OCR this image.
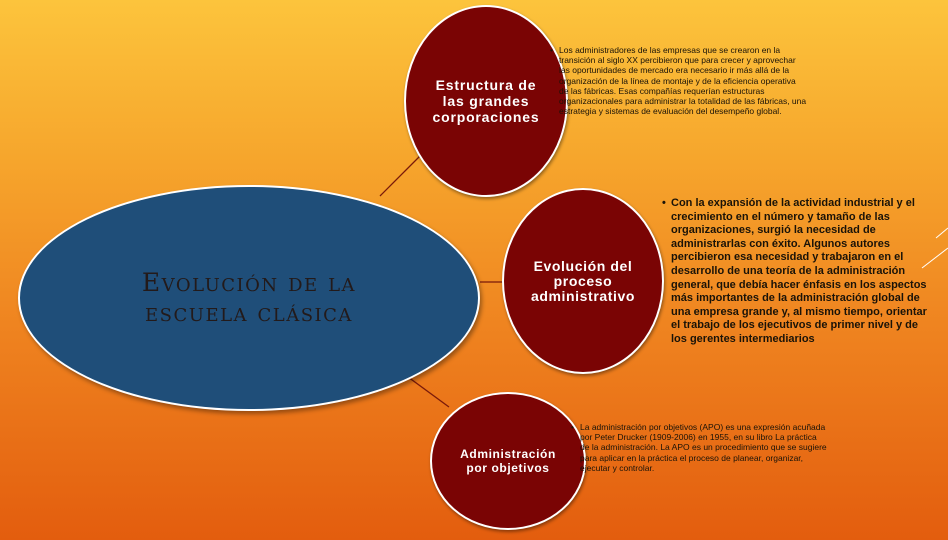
Evolución de la
escuela clásica
Estructura de
las grandes
corporaciones
Evolución del
proceso
administrativo
Administración
por objetivos

• Los administradores de las empresas que se crearon en la transición al siglo XX percibieron que para crecer y aprovechar las oportunidades de mercado era necesario ir más allá de la organización de la línea de montaje y de la eficiencia operativa de las fábricas. Esas compañías requerían estructuras organizacionales para administrar la totalidad de las fábricas, una estrategia y sistemas de evaluación del desempeño global.

• Con la expansión de la actividad industrial y el crecimiento en el número y tamaño de las organizaciones, surgió la necesidad de administrarlas con éxito. Algunos autores percibieron esa necesidad y trabajaron en el desarrollo de una teoría de la administración general, que debía hacer énfasis en los aspectos más importantes de la administración global de una empresa grande y, al mismo tiempo, orientar el trabajo de los ejecutivos de primer nivel y de los gerentes intermediarios

• La administración por objetivos (APO) es una expresión acuñada por Peter Drucker (1909-2006) en 1955, en su libro La práctica de la administración. La APO es un procedimiento que se sugiere para aplicar en la práctica el proceso de planear, organizar, ejecutar y controlar.
